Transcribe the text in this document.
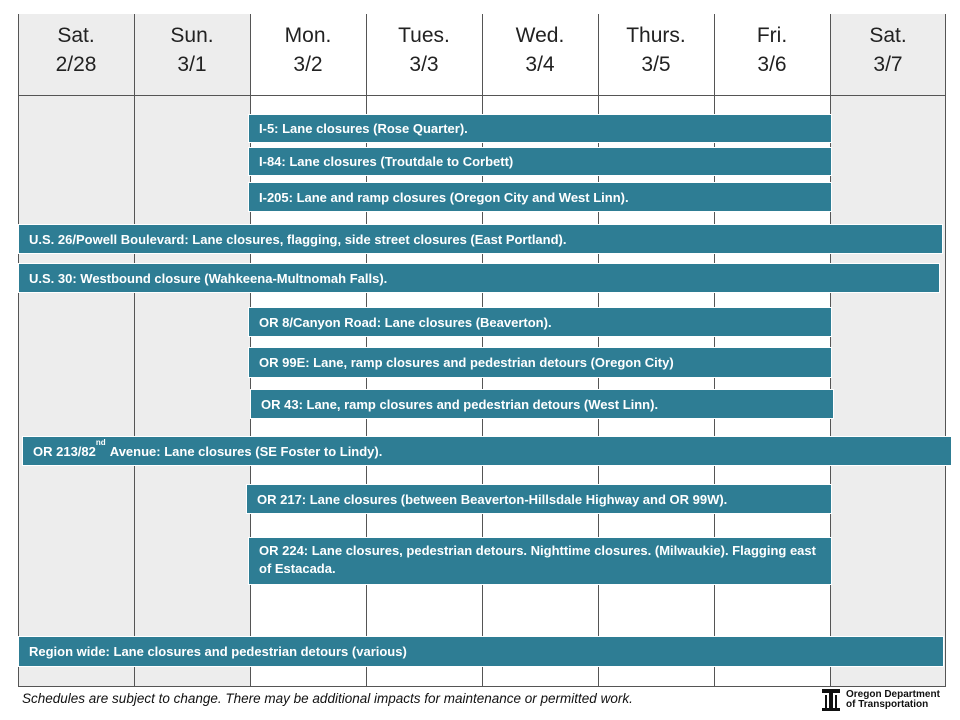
Sat.
2/28
Sun.
3/1
Mon.
3/2
Tues.
3/3
Wed.
3/4
Thurs.
3/5
Fri.
3/6
Sat.
3/7
I-5: Lane closures (Rose Quarter).
I-84: Lane closures (Troutdale to Corbett)
I-205: Lane and ramp closures (Oregon City and West Linn).
U.S. 26/Powell Boulevard: Lane closures, flagging, side street closures (East Portland).
U.S. 30: Westbound closure (Wahkeena-Multnomah Falls).
OR 8/Canyon Road: Lane closures (Beaverton).
OR 99E: Lane, ramp closures and pedestrian detours (Oregon City)
OR 43: Lane, ramp closures and pedestrian detours (West Linn).
OR 213/82nd Avenue: Lane closures (SE Foster to Lindy).
OR 217: Lane closures (between Beaverton-Hillsdale Highway and OR 99W).
OR 224: Lane closures, pedestrian detours. Nighttime closures. (Milwaukie). Flagging east of Estacada.
Region wide: Lane closures and pedestrian detours (various)
Schedules are subject to change. There may be additional impacts for maintenance or permitted work.	Oregon Department
of Transportation
